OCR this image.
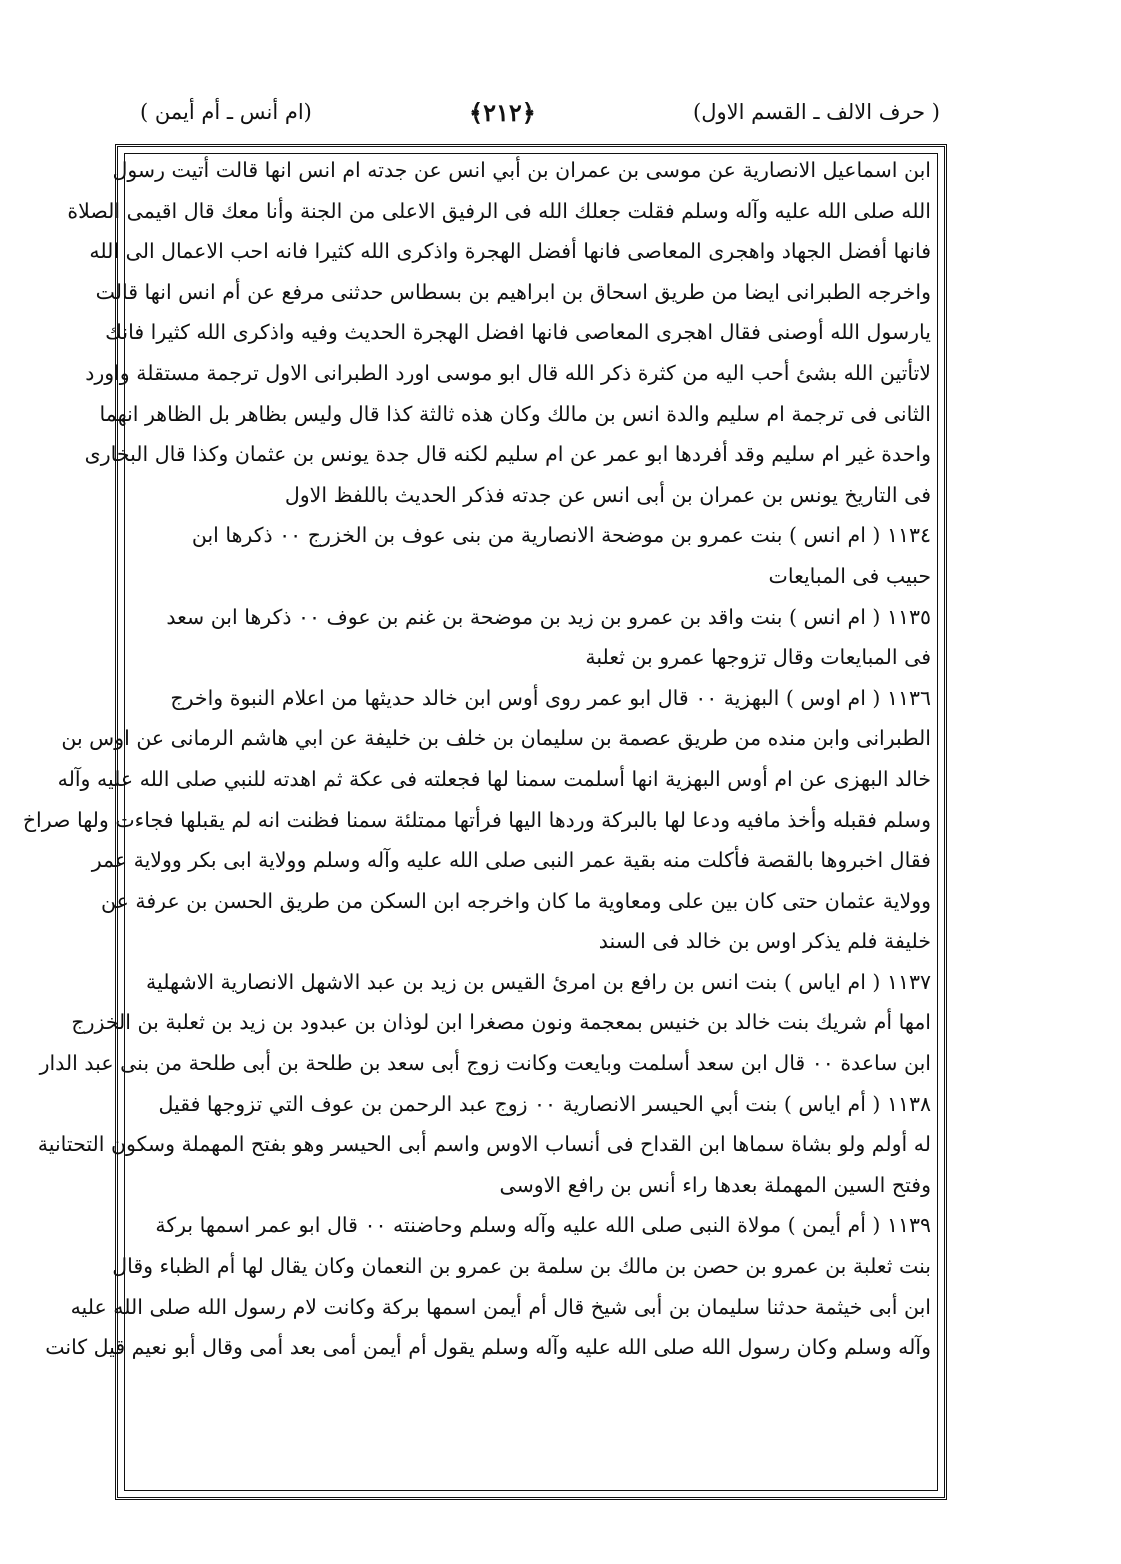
( حرف الالف ـ القسم الاول)
﴿٢١٢﴾
(ام أنس ـ أم أيمن )
ابن اسماعيل الانصارية عن موسى بن عمران بن أبي انس عن جدته ام انس انها قالت أتيت رسول
الله صلى الله عليه وآله وسلم فقلت جعلك الله فى الرفيق الاعلى من الجنة وأنا معك قال اقيمى الصلاة
فانها أفضل الجهاد واهجرى المعاصى فانها أفضل الهجرة واذكرى الله كثيرا فانه احب الاعمال الى الله
واخرجه الطبرانى ايضا من طريق اسحاق بن ابراهيم بن بسطاس حدثنى مرفع عن أم انس انها قالت
يارسول الله أوصنى فقال اهجرى المعاصى فانها افضل الهجرة الحديث وفيه واذكرى الله كثيرا فانك
لاتأتين الله بشئ أحب اليه من كثرة ذكر الله قال ابو موسى اورد الطبرانى الاول ترجمة مستقلة واورد
الثانى فى ترجمة ام سليم والدة انس بن مالك وكان هذه ثالثة كذا قال وليس بظاهر بل الظاهر انهما
واحدة غير ام سليم وقد أفردها ابو عمر عن ام سليم لكنه قال جدة يونس بن عثمان وكذا قال البخارى
فى التاريخ يونس بن عمران بن أبى انس عن جدته فذكر الحديث باللفظ الاول
١١٣٤ ( ام انس ) بنت عمرو بن موضحة الانصارية من بنى عوف بن الخزرج ٠٠ ذكرها ابن
حبيب فى المبايعات
١١٣٥ ( ام انس ) بنت واقد بن عمرو بن زيد بن موضحة بن غنم بن عوف ٠٠ ذكرها ابن سعد
فى المبايعات وقال تزوجها عمرو بن ثعلبة
١١٣٦ ( ام اوس ) البهزية ٠٠ قال ابو عمر روى أوس ابن خالد حديثها من اعلام النبوة واخرج
الطبرانى وابن منده من طريق عصمة بن سليمان بن خلف بن خليفة عن ابي هاشم الرمانى عن اوس بن
خالد البهزى عن ام أوس البهزية انها أسلمت سمنا لها فجعلته فى عكة ثم اهدته للنبي صلى الله عليه وآله
وسلم فقبله وأخذ مافيه ودعا لها بالبركة وردها اليها فرأتها ممتلئة سمنا فظنت انه لم يقبلها فجاءت ولها صراخ
فقال اخبروها بالقصة فأكلت منه بقية عمر النبى صلى الله عليه وآله وسلم وولاية ابى بكر وولاية عمر
وولاية عثمان حتى كان بين على ومعاوية ما كان واخرجه ابن السكن من طريق الحسن بن عرفة عن
خليفة فلم يذكر اوس بن خالد فى السند
١١٣٧ ( ام اياس ) بنت انس بن رافع بن امرئ القيس بن زيد بن عبد الاشهل الانصارية الاشهلية
امها أم شريك بنت خالد بن خنيس بمعجمة ونون مصغرا ابن لوذان بن عبدود بن زيد بن ثعلبة بن الخزرج
ابن ساعدة ٠٠ قال ابن سعد أسلمت وبايعت وكانت زوج أبى سعد بن طلحة بن أبى طلحة من بنى عبد الدار
١١٣٨ ( أم اياس ) بنت أبي الحيسر الانصارية ٠٠ زوج عبد الرحمن بن عوف التي تزوجها فقيل
له أولم ولو بشاة سماها ابن القداح فى أنساب الاوس واسم أبى الحيسر وهو بفتح المهملة وسكون التحتانية
وفتح السين المهملة بعدها راء أنس بن رافع الاوسى
١١٣٩ ( أم أيمن ) مولاة النبى صلى الله عليه وآله وسلم وحاضنته ٠٠ قال ابو عمر اسمها بركة
بنت ثعلبة بن عمرو بن حصن بن مالك بن سلمة بن عمرو بن النعمان وكان يقال لها أم الظباء وقال
ابن أبى خيثمة حدثنا سليمان بن أبى شيخ قال أم أيمن اسمها بركة وكانت لام رسول الله صلى الله عليه
وآله وسلم وكان رسول الله صلى الله عليه وآله وسلم يقول أم أيمن أمى بعد أمى وقال أبو نعيم قيل كانت
